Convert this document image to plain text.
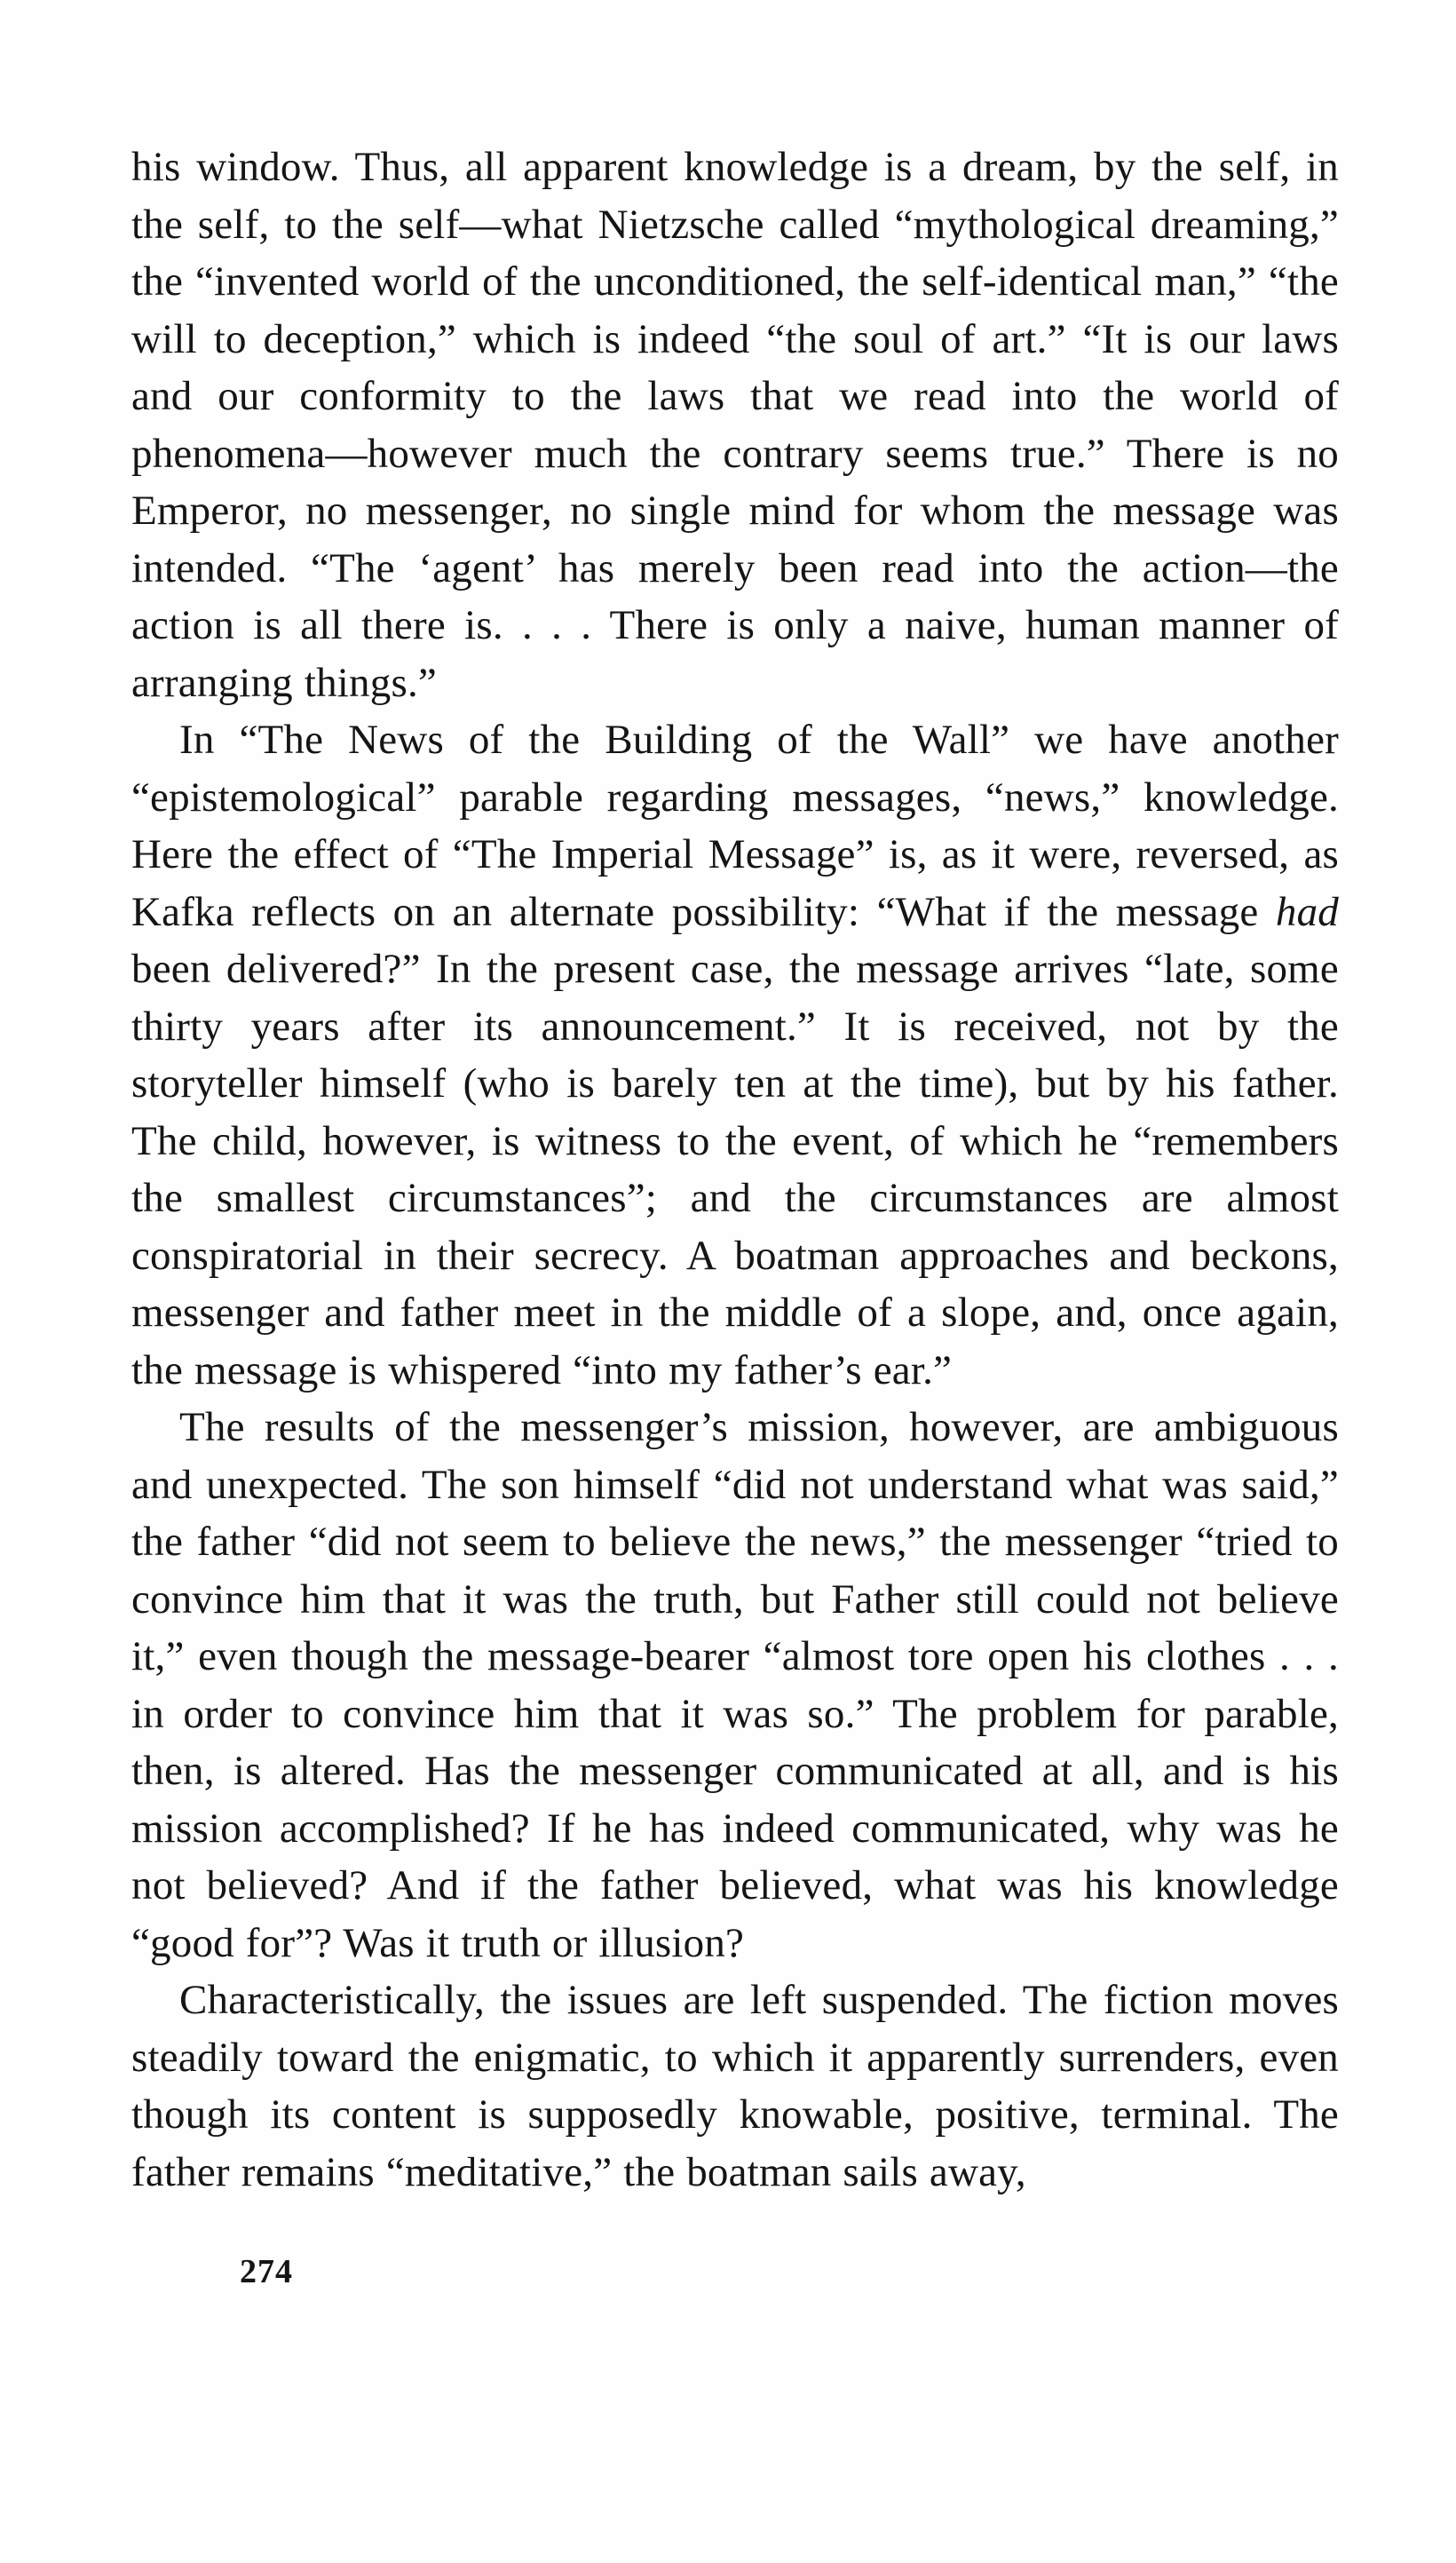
his window. Thus, all apparent knowledge is a dream, by the self, in the self, to the self—what Nietzsche called “mythological dreaming,” the “invented world of the unconditioned, the self-identical man,” “the will to deception,” which is indeed “the soul of art.” “It is our laws and our conformity to the laws that we read into the world of phenomena—however much the contrary seems true.” There is no Emperor, no messenger, no single mind for whom the message was intended. “The ‘agent’ has merely been read into the action—the action is all there is. . . . There is only a naive, human manner of arranging things.”

In “The News of the Building of the Wall” we have another “epistemological” parable regarding messages, “news,” knowledge. Here the effect of “The Imperial Message” is, as it were, reversed, as Kafka reflects on an alternate possibility: “What if the message had been delivered?” In the present case, the message arrives “late, some thirty years after its announcement.” It is received, not by the storyteller himself (who is barely ten at the time), but by his father. The child, however, is witness to the event, of which he “remembers the smallest circumstances”; and the circumstances are almost conspiratorial in their secrecy. A boatman approaches and beckons, messenger and father meet in the middle of a slope, and, once again, the message is whispered “into my father’s ear.”

The results of the messenger’s mission, however, are ambiguous and unexpected. The son himself “did not understand what was said,” the father “did not seem to believe the news,” the messenger “tried to convince him that it was the truth, but Father still could not believe it,” even though the message-bearer “almost tore open his clothes . . . in order to convince him that it was so.” The problem for parable, then, is altered. Has the messenger communicated at all, and is his mission accomplished? If he has indeed communicated, why was he not believed? And if the father believed, what was his knowledge “good for”? Was it truth or illusion?

Characteristically, the issues are left suspended. The fiction moves steadily toward the enigmatic, to which it apparently surrenders, even though its content is supposedly knowable, positive, terminal. The father remains “meditative,” the boatman sails away,

274
